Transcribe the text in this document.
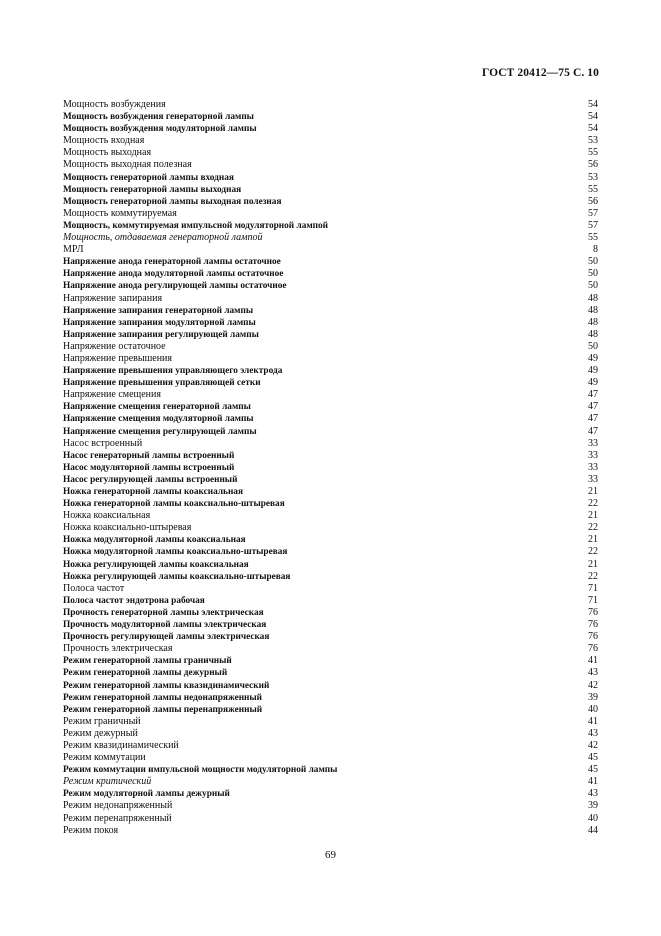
ГОСТ 20412—75 С. 10
Мощность возбуждения	54
Мощность возбуждения генераторной лампы	54
Мощность возбуждения модуляторной лампы	54
Мощность входная	53
Мощность выходная	55
Мощность выходная полезная	56
Мощность генераторной лампы входная	53
Мощность генераторной лампы выходная	55
Мощность генераторной лампы выходная полезная	56
Мощность коммутируемая	57
Мощность, коммутируемая импульсной модуляторной лампой	57
Мощность, отдаваемая генераторной лампой	55
МРЛ	8
Напряжение анода генераторной лампы остаточное	50
Напряжение анода модуляторной лампы остаточное	50
Напряжение анода регулирующей лампы остаточное	50
Напряжение запирания	48
Напряжение запирания генераторной лампы	48
Напряжение запирания модуляторной лампы	48
Напряжение запирания регулирующей лампы	48
Напряжение остаточное	50
Напряжение превышения	49
Напряжение превышения управляющего электрода	49
Напряжение превышения управляющей сетки	49
Напряжение смещения	47
Напряжение смещения генераторной лампы	47
Напряжение смещения модуляторной лампы	47
Напряжение смещения регулирующей лампы	47
Насос встроенный	33
Насос генераторный лампы встроенный	33
Насос модуляторной лампы встроенный	33
Насос регулирующей лампы встроенный	33
Ножка генераторной лампы коаксиальная	21
Ножка генераторной лампы коаксиально-штыревая	22
Ножка коаксиальная	21
Ножка коаксиально-штыревая	22
Ножка модуляторной лампы коаксиальная	21
Ножка модуляторной лампы коаксиально-штыревая	22
Ножка регулирующей лампы коаксиальная	21
Ножка регулирующей лампы коаксиально-штыревая	22
Полоса частот	71
Полоса частот эндотрона рабочая	71
Прочность генераторной лампы электрическая	76
Прочность модуляторной лампы электрическая	76
Прочность регулирующей лампы электрическая	76
Прочность электрическая	76
Режим генераторной лампы граничный	41
Режим генераторной лампы дежурный	43
Режим генераторной лампы квазидинамический	42
Режим генераторной лампы недонапряженный	39
Режим генераторной лампы перенапряженный	40
Режим граничный	41
Режим дежурный	43
Режим квазидинамический	42
Режим коммутации	45
Режим коммутации импульсной мощности модуляторной лампы	45
Режим критический	41
Режим модуляторной лампы дежурный	43
Режим недонапряженный	39
Режим перенапряженный	40
Режим покоя	44
69
